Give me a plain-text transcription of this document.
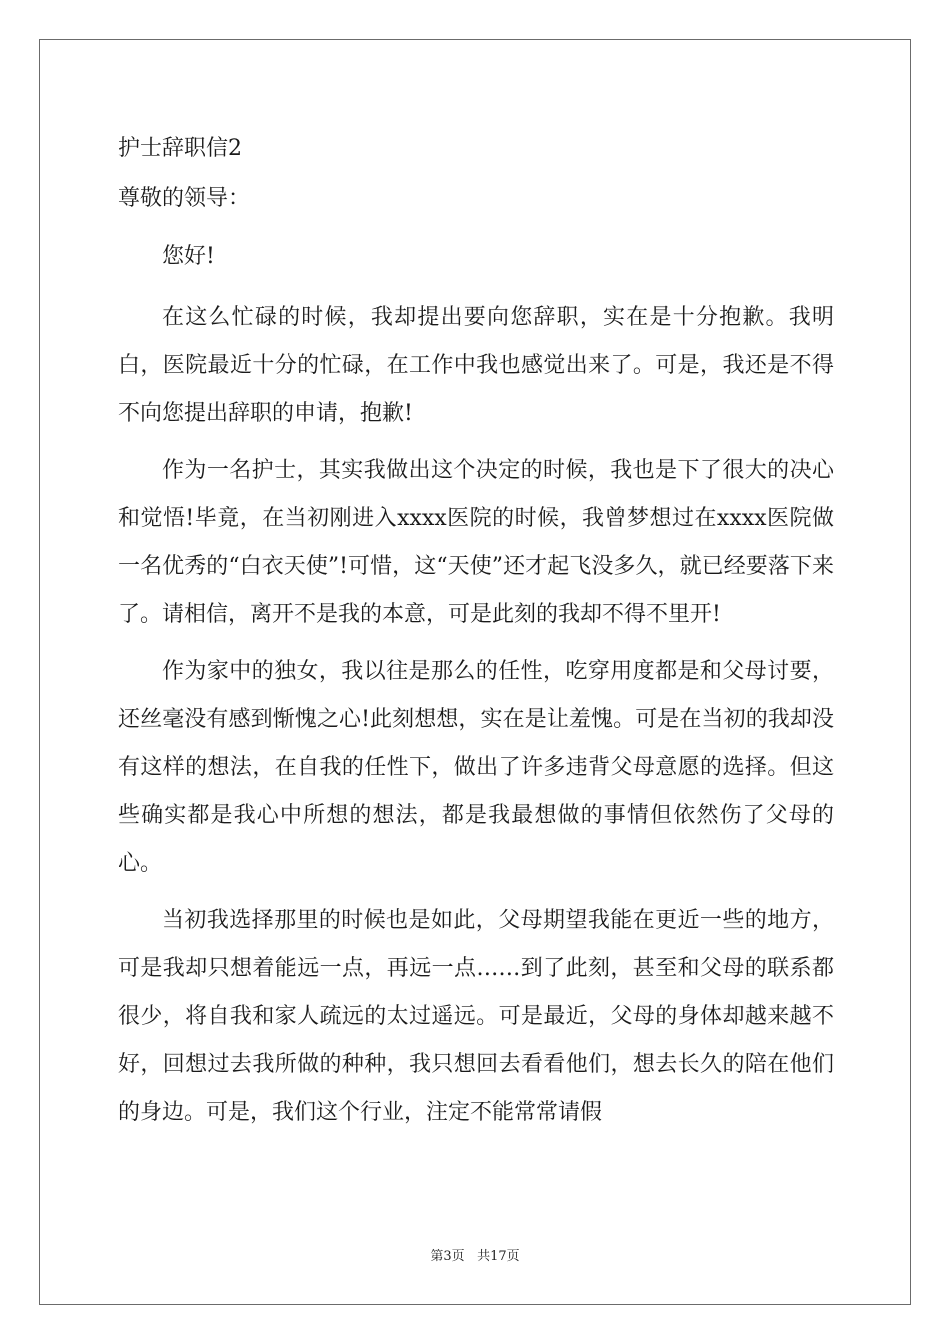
护士辞职信2

尊敬的领导：

您好!

在这么忙碌的时候，我却提出要向您辞职，实在是十分抱歉。我明白，医院最近十分的忙碌，在工作中我也感觉出来了。可是，我还是不得不向您提出辞职的申请，抱歉!

作为一名护士，其实我做出这个决定的时候，我也是下了很大的决心和觉悟!毕竟，在当初刚进入xxxx医院的时候，我曾梦想过在xxxx医院做一名优秀的“白衣天使”!可惜，这“天使”还才起飞没多久，就已经要落下来了。请相信，离开不是我的本意，可是此刻的我却不得不里开!

作为家中的独女，我以往是那么的任性，吃穿用度都是和父母讨要，还丝毫没有感到惭愧之心!此刻想想，实在是让羞愧。可是在当初的我却没有这样的想法，在自我的任性下，做出了许多违背父母意愿的选择。但这些确实都是我心中所想的想法，都是我最想做的事情但依然伤了父母的心。

当初我选择那里的时候也是如此，父母期望我能在更近一些的地方，可是我却只想着能远一点，再远一点……到了此刻，甚至和父母的联系都很少，将自我和家人疏远的太过遥远。可是最近，父母的身体却越来越不好，回想过去我所做的种种，我只想回去看看他们，想去长久的陪在他们的身边。可是，我们这个行业，注定不能常常请假

第3页 共17页
